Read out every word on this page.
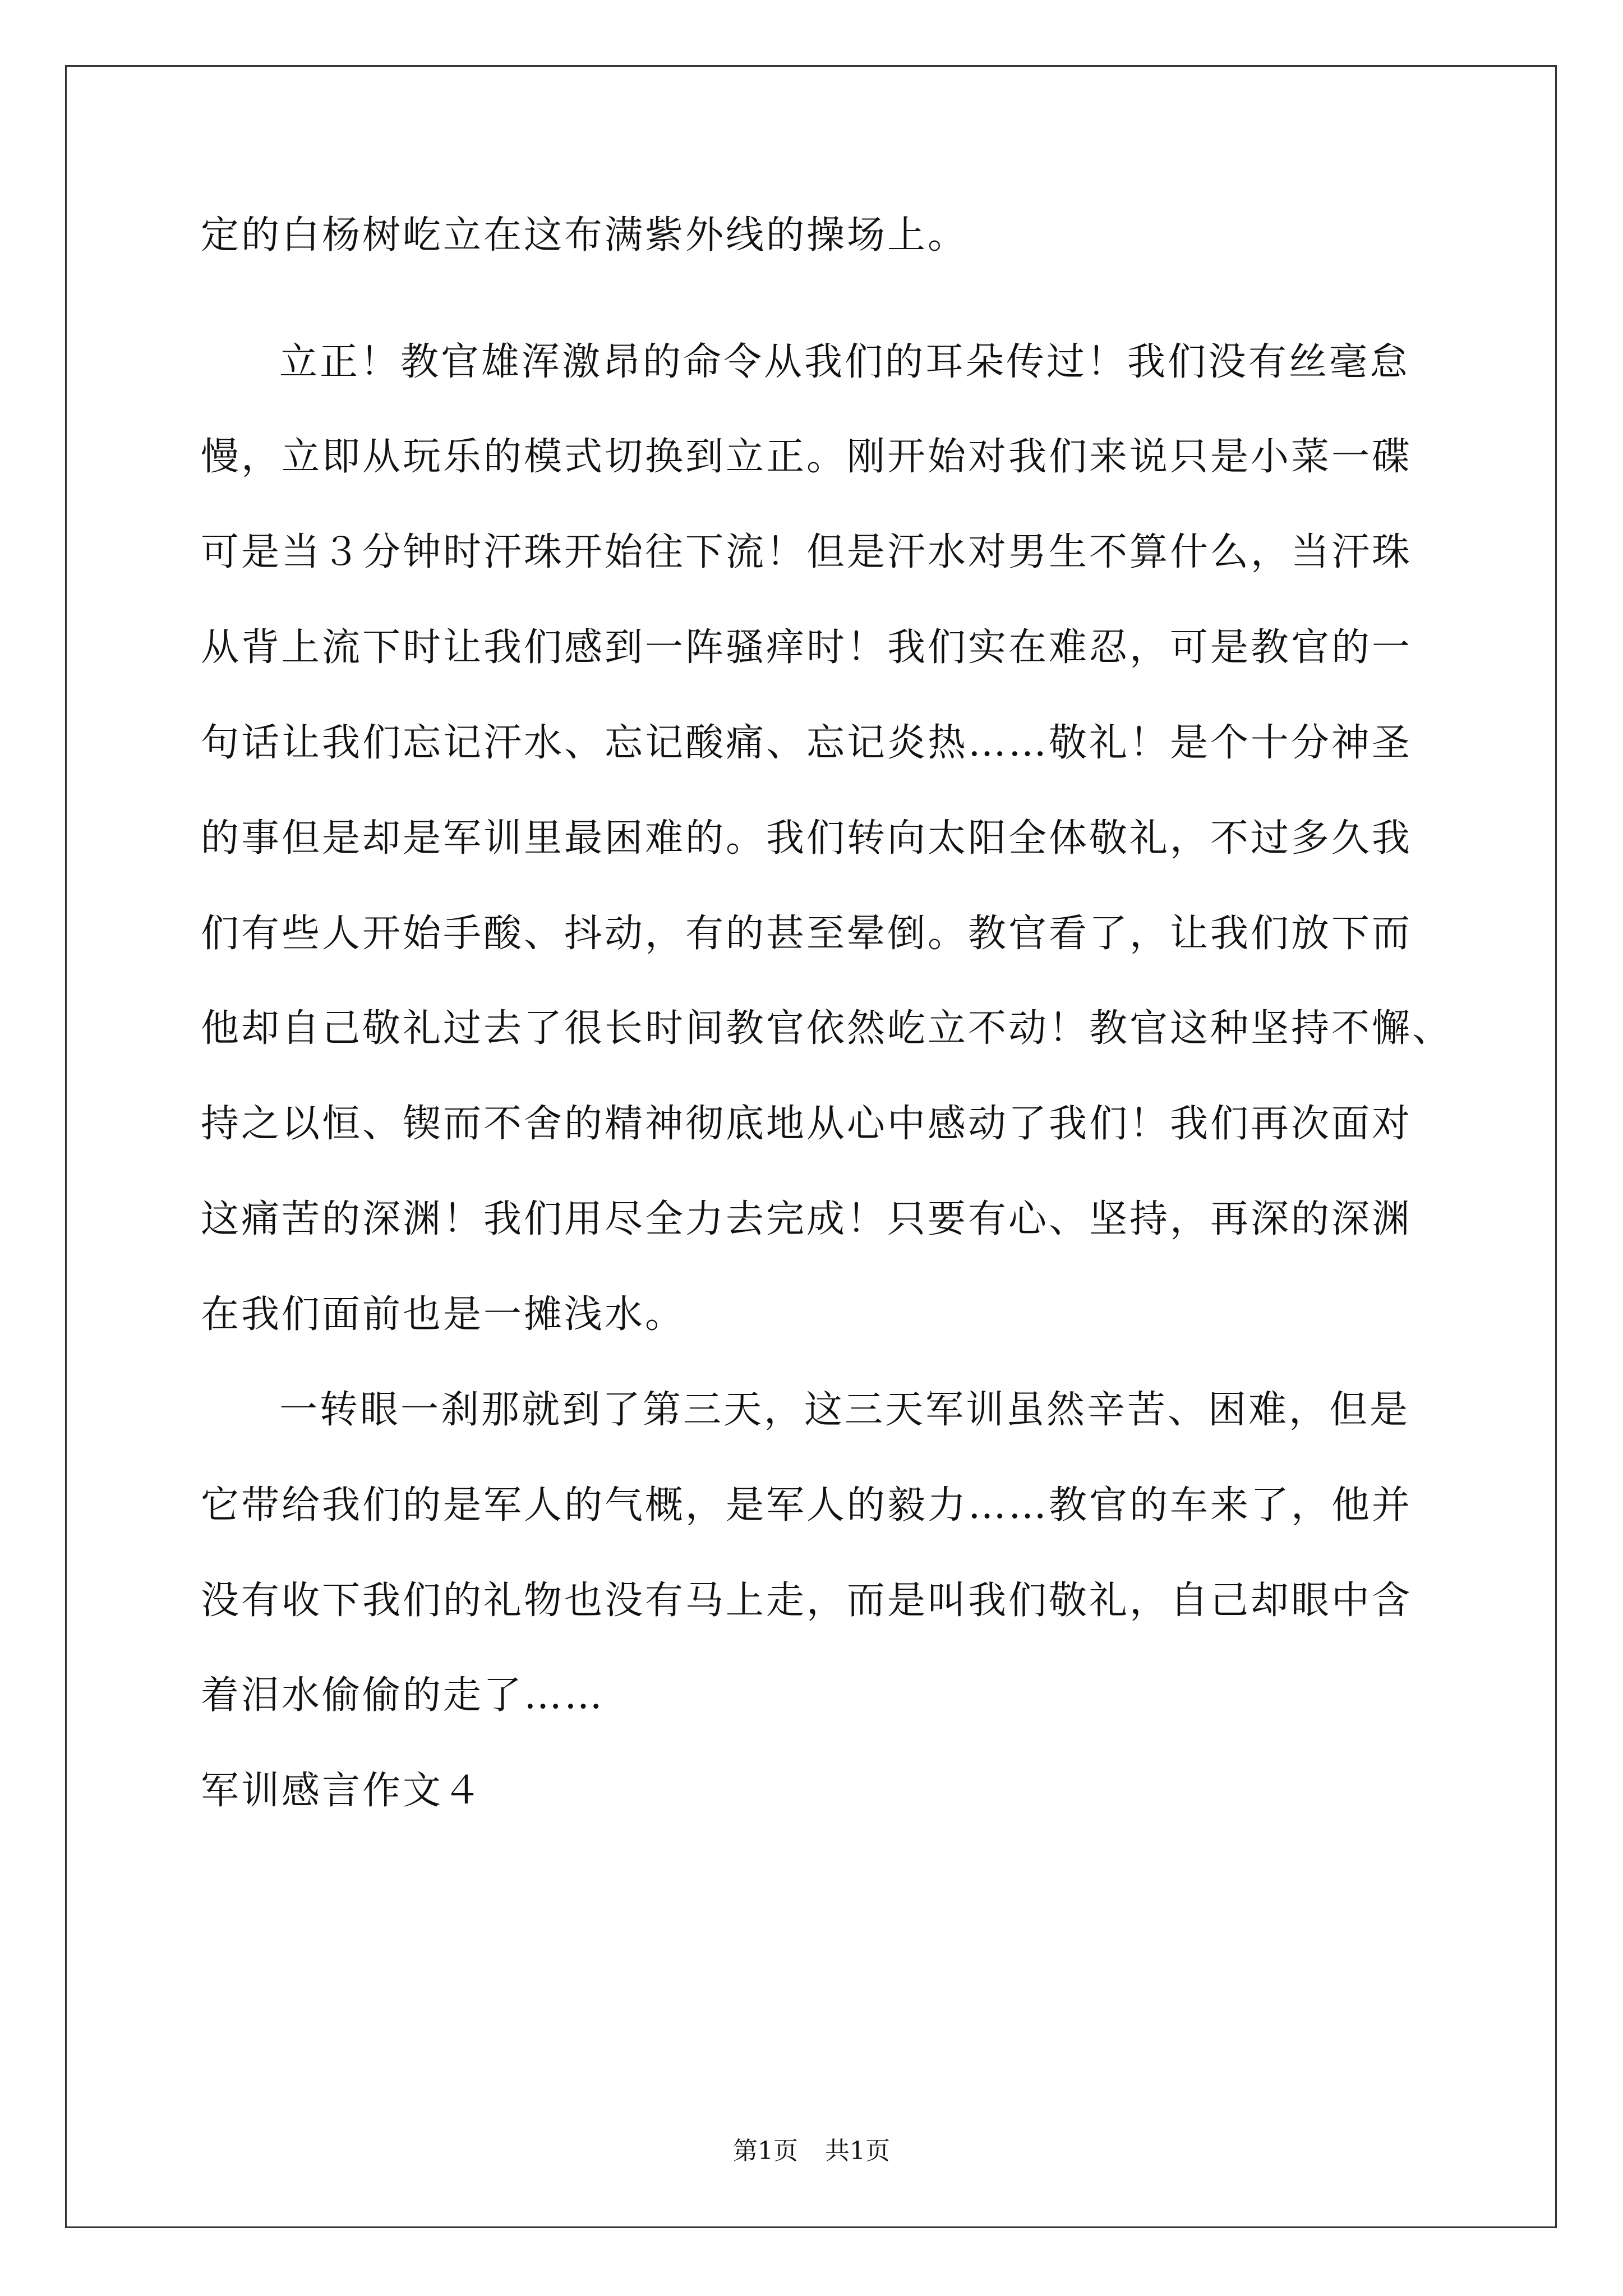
定的白杨树屹立在这布满紫外线的操场上。
立正！教官雄浑激昂的命令从我们的耳朵传过！我们没有丝毫怠
慢，立即从玩乐的模式切换到立正。刚开始对我们来说只是小菜一碟
可是当３分钟时汗珠开始往下流！但是汗水对男生不算什么，当汗珠
从背上流下时让我们感到一阵骚痒时！我们实在难忍，可是教官的一
句话让我们忘记汗水、忘记酸痛、忘记炎热……敬礼！是个十分神圣
的事但是却是军训里最困难的。我们转向太阳全体敬礼，不过多久我
们有些人开始手酸、抖动，有的甚至晕倒。教官看了，让我们放下而
他却自己敬礼过去了很长时间教官依然屹立不动！教官这种坚持不懈、
持之以恒、锲而不舍的精神彻底地从心中感动了我们！我们再次面对
这痛苦的深渊！我们用尽全力去完成！只要有心、坚持，再深的深渊
在我们面前也是一摊浅水。
一转眼一刹那就到了第三天，这三天军训虽然辛苦、困难，但是
它带给我们的是军人的气概，是军人的毅力……教官的车来了，他并
没有收下我们的礼物也没有马上走，而是叫我们敬礼，自己却眼中含
着泪水偷偷的走了……
军训感言作文４
第1页 共1页
